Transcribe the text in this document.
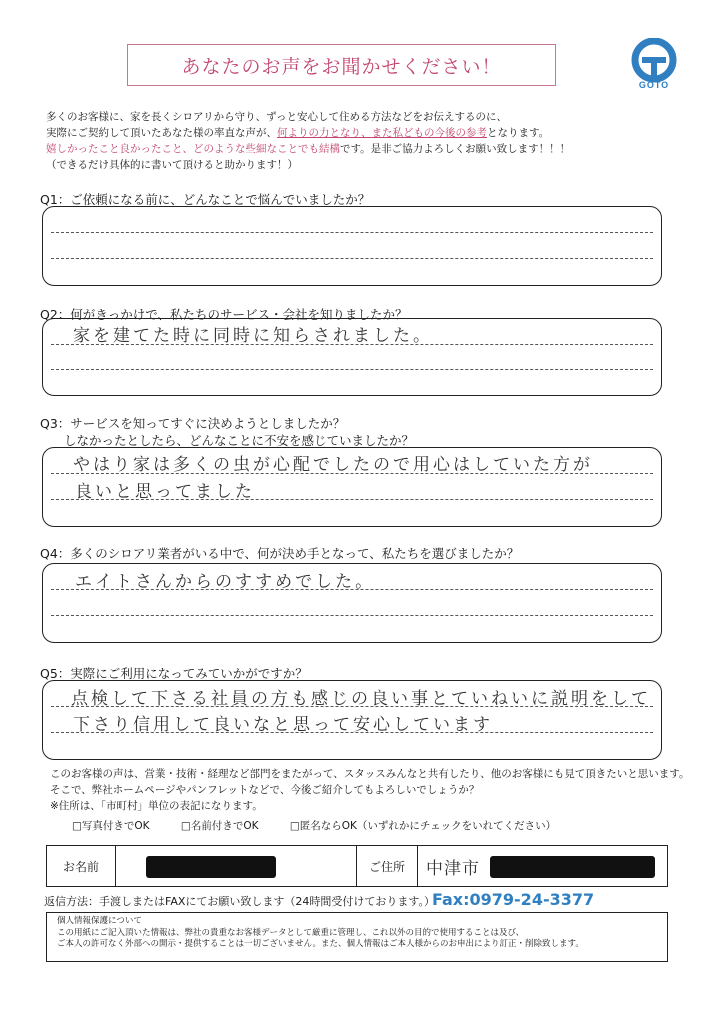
あなたのお声をお聞かせください！
GOTO
多くのお客様に、家を長くシロアリから守り、ずっと安心して住める方法などをお伝えするのに、
実際にご契約して頂いたあなた様の率直な声が、何よりの力となり、また私どもの今後の参考となります。
嬉しかったこと良かったこと、どのような些細なことでも結構です。是非ご協力よろしくお願い致します！！！
（できるだけ具体的に書いて頂けると助かります！）
Q1：ご依頼になる前に、どんなことで悩んでいましたか？
Q2：何がきっかけで、私たちのサービス・会社を知りましたか？
家を建てた時に同時に知らされました。
Q3：サービスを知ってすぐに決めようとしましたか？
しなかったとしたら、どんなことに不安を感じていましたか？
やはり家は多くの虫が心配でしたので用心はしていた方が
良いと思ってました
Q4：多くのシロアリ業者がいる中で、何が決め手となって、私たちを選びましたか？
エイトさんからのすすめでした。
Q5：実際にご利用になってみていかがですか？
点検して下さる社員の方も感じの良い事とていねいに説明をして
下さり信用して良いなと思って安心しています
このお客様の声は、営業・技術・経理など部門をまたがって、スタッスみんなと共有したり、他のお客様にも見て頂きたいと思います。
そこで、弊社ホームページやパンフレットなどで、今後ご紹介してもよろしいでしょうか？
※住所は、「市町村」単位の表記になります。
□写真付きでOK	□名前付きでOK	□匿名ならOK（いずれかにチェックをいれてください）
お名前	ご住所	中津市
返信方法：手渡しまたはFAXにてお願い致します（24時間受付けております。）
Fax:0979-24-3377
個人情報保護について
この用紙にご記入頂いた情報は、弊社の貴重なお客様データとして厳重に管理し、これ以外の目的で使用することは及び、
ご本人の許可なく外部への開示・提供することは一切ございません。また、個人情報はご本人様からのお申出により訂正・削除致します。
